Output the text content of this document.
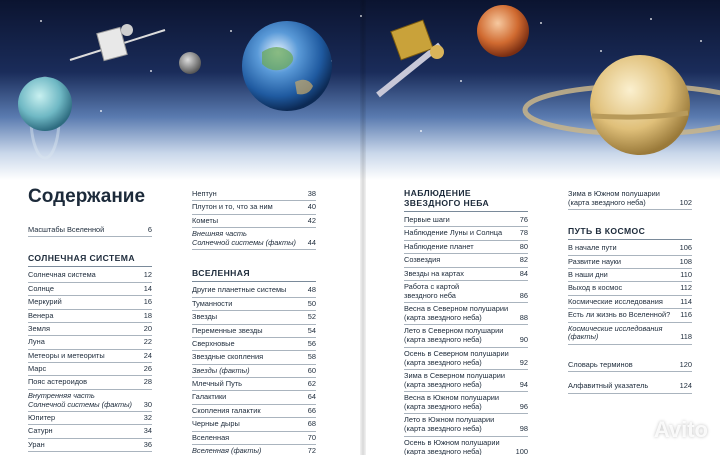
Содержание
Масштабы Вселенной	6
СОЛНЕЧНАЯ СИСТЕМА
Солнечная система	12
Солнце	14
Меркурий	16
Венера	18
Земля	20
Луна	22
Метеоры и метеориты	24
Марс	26
Пояс астероидов	28
Внутренняя часть
Солнечной системы (факты)	30
Юпитер	32
Сатурн	34
Уран	36
Нептун	38
Плутон и то, что за ним	40
Кометы	42
Внешняя часть
Солнечной системы (факты)	44
ВСЕЛЕННАЯ
Другие планетные системы	48
Туманности	50
Звезды	52
Переменные звезды	54
Сверхновые	56
Звездные скопления	58
Звезды (факты)	60
Млечный Путь	62
Галактики	64
Скопления галактик	66
Черные дыры	68
Вселенная	70
Вселенная (факты)	72
НАБЛЮДЕНИЕ
ЗВЕЗДНОГО НЕБА
Первые шаги	76
Наблюдение Луны и Солнца	78
Наблюдение планет	80
Созвездия	82
Звезды на картах	84
Работа с картой
звездного неба	86
Весна в Северном полушарии
(карта звездного неба)	88
Лето в Северном полушарии
(карта звездного неба)	90
Осень в Северном полушарии
(карта звездного неба)	92
Зима в Северном полушарии
(карта звездного неба)	94
Весна в Южном полушарии
(карта звездного неба)	96
Лето в Южном полушарии
(карта звездного неба)	98
Осень в Южном полушарии
(карта звездного неба)	100
Зима в Южном полушарии
(карта звездного неба)	102
ПУТЬ В КОСМОС
В начале пути	106
Развитие науки	108
В наши дни	110
Выход в космос	112
Космические исследования	114
Есть ли жизнь во Вселенной?	116
Космические исследования
(факты)	118
Словарь терминов	120
Алфавитный указатель	124
Avito
